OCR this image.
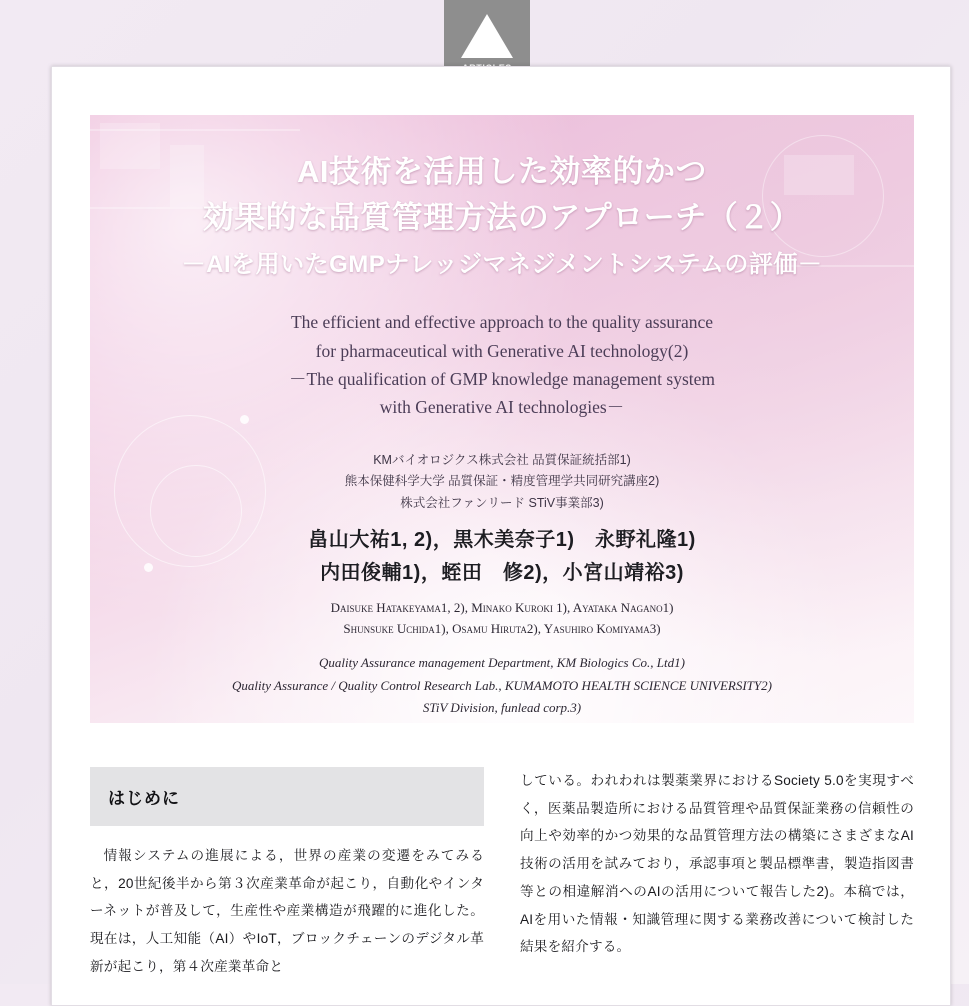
AI技術を活用した効率的かつ
効果的な品質管理方法のアプローチ（２）
－AIを用いたGMPナレッジマネジメントシステムの評価－
The efficient and effective approach to the quality assurance
for pharmaceutical with Generative AI technology(2)
－The qualification of GMP knowledge management system
with Generative AI technologies－
KMバイオロジクス株式会社 品質保証統括部1)
熊本保健科学大学 品質保証・精度管理学共同研究講座2)
株式会社ファンリード STiV事業部3)
畠山大祐1, 2)，黒木美奈子1)　永野礼隆1)
内田俊輔1)，蛭田　修2)，小宮山靖裕3)
Daisuke Hatakeyama1, 2), Minako Kuroki 1), Ayataka Nagano1)
Shunsuke Uchida1), Osamu Hiruta2), Yasuhiro Komiyama3)
Quality Assurance management Department, KM Biologics Co., Ltd1)
Quality Assurance / Quality Control Research Lab., KUMAMOTO HEALTH SCIENCE UNIVERSITY2)
STiV Division, funlead corp.3)
はじめに
情報システムの進展による，世界の産業の変遷をみてみると，20世紀後半から第３次産業革命が起こり，自動化やインターネットが普及して，生産性や産業構造が飛躍的に進化した。現在は，人工知能（AI）やIoT，ブロックチェーンのデジタル革新が起こり，第４次産業革命と
している。われわれは製薬業界におけるSociety 5.0を実現すべく，医薬品製造所における品質管理や品質保証業務の信頼性の向上や効率的かつ効果的な品質管理方法の構築にさまざまなAI技術の活用を試みており，承認事項と製品標準書，製造指図書等との相違解消へのAIの活用について報告した2)。本稿では，AIを用いた情報・知識管理に関する業務改善について検討した結果を紹介する。
